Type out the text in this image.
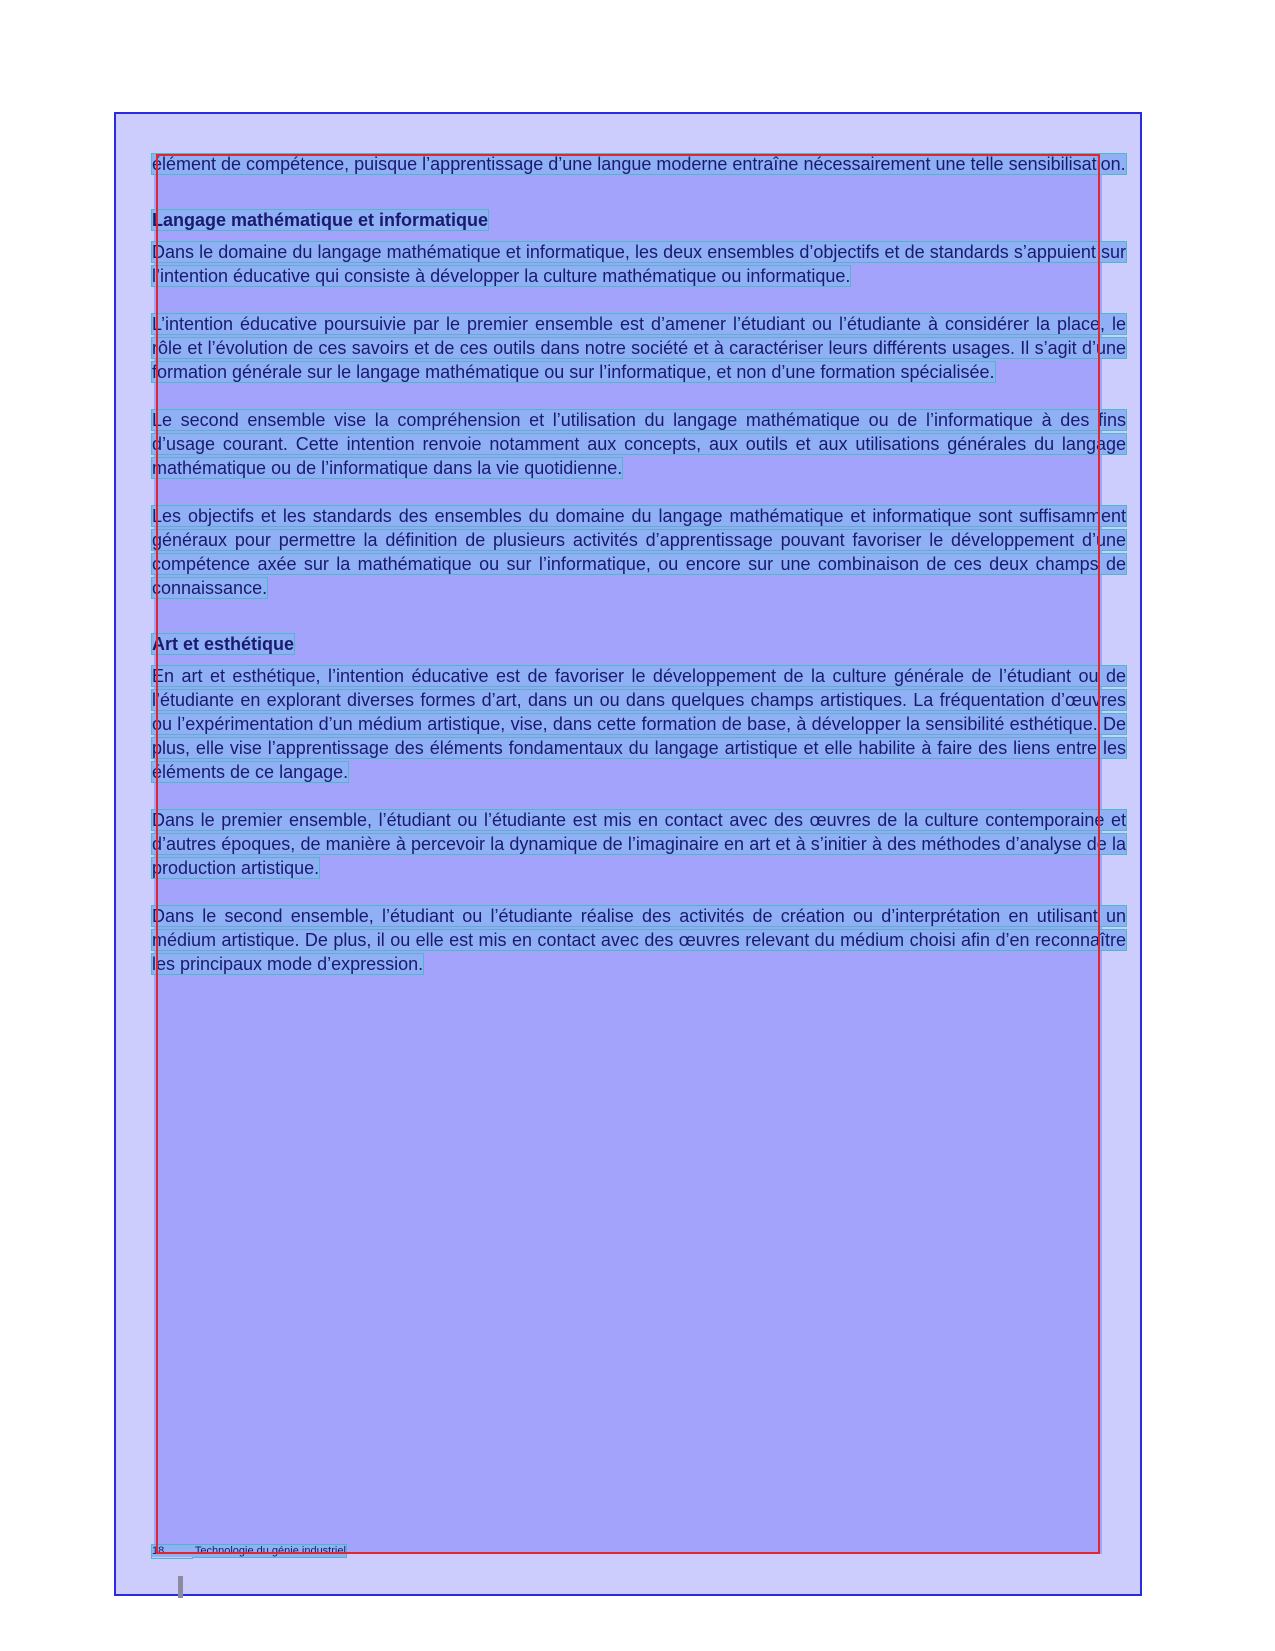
élément de compétence, puisque l’apprentissage d’une langue moderne entraîne nécessairement une telle sensibilisation.

Langage mathématique et informatique

Dans le domaine du langage mathématique et informatique, les deux ensembles d’objectifs et de standards s’appuient sur l’intention éducative qui consiste à développer la culture mathématique ou informatique.

L’intention éducative poursuivie par le premier ensemble est d’amener l’étudiant ou l’étudiante à considérer la place, le rôle et l’évolution de ces savoirs et de ces outils dans notre société et à caractériser leurs différents usages. Il s’agit d’une formation générale sur le langage mathématique ou sur l’informatique, et non d’une formation spécialisée.

Le second ensemble vise la compréhension et l’utilisation du langage mathématique ou de l’informatique à des fins d’usage courant. Cette intention renvoie notamment aux concepts, aux outils et aux utilisations générales du langage mathématique ou de l’informatique dans la vie quotidienne.

Les objectifs et les standards des ensembles du domaine du langage mathématique et informatique sont suffisamment généraux pour permettre la définition de plusieurs activités d’apprentissage pouvant favoriser le développement d’une compétence axée sur la mathématique ou sur l’informatique, ou encore sur une combinaison de ces deux champs de connaissance.

Art et esthétique

En art et esthétique, l’intention éducative est de favoriser le développement de la culture générale de l’étudiant ou de l’étudiante en explorant diverses formes d’art, dans un ou dans quelques champs artistiques. La fréquentation d’œuvres ou l’expérimentation d’un médium artistique, vise, dans cette formation de base, à développer la sensibilité esthétique. De plus, elle vise l’apprentissage des éléments fondamentaux du langage artistique et elle habilite à faire des liens entre les éléments de ce langage.

Dans le premier ensemble, l’étudiant ou l’étudiante est mis en contact avec des œuvres de la culture contemporaine et d’autres époques, de manière à percevoir la dynamique de l’imaginaire en art et à s’initier à des méthodes d’analyse de la production artistique.

Dans le second ensemble, l’étudiant ou l’étudiante réalise des activités de création ou d’interprétation en utilisant un médium artistique. De plus, il ou elle est mis en contact avec des œuvres relevant du médium choisi afin d’en reconnaître les principaux mode d’expression.

18	Technologie du génie industriel
